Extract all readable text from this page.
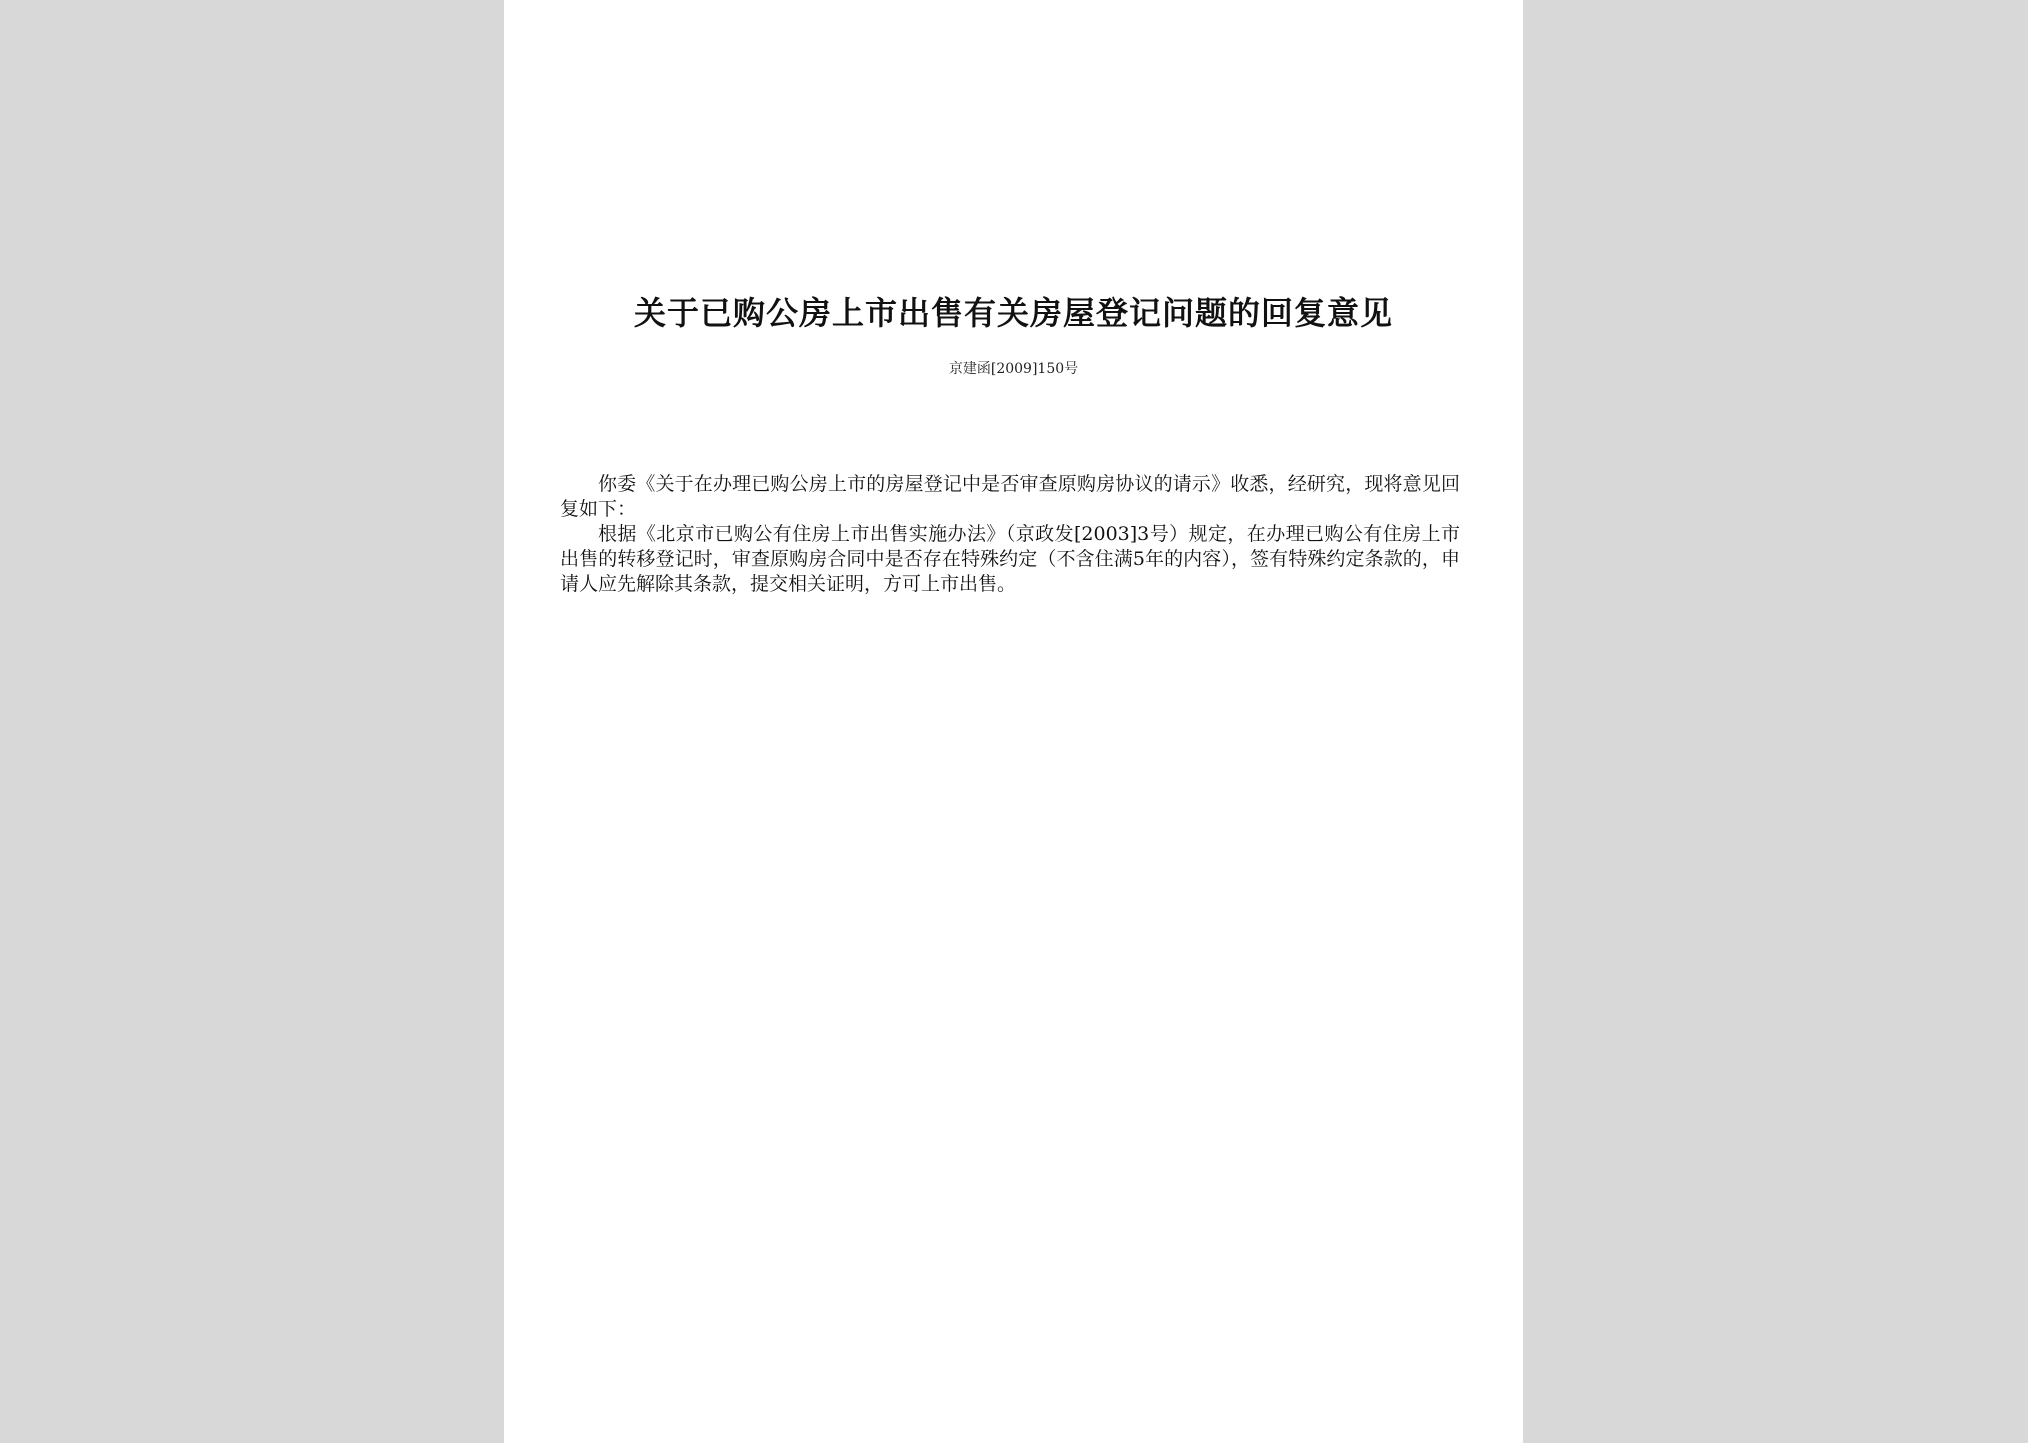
关于已购公房上市出售有关房屋登记问题的回复意见
京建函[2009]150号

你委《关于在办理已购公房上市的房屋登记中是否审查原购房协议的请示》收悉，经研究，现将意见回复如下：

根据《北京市已购公有住房上市出售实施办法》（京政发[2003]3号）规定，在办理已购公有住房上市出售的转移登记时，审查原购房合同中是否存在特殊约定（不含住满5年的内容），签有特殊约定条款的，申请人应先解除其条款，提交相关证明，方可上市出售。
